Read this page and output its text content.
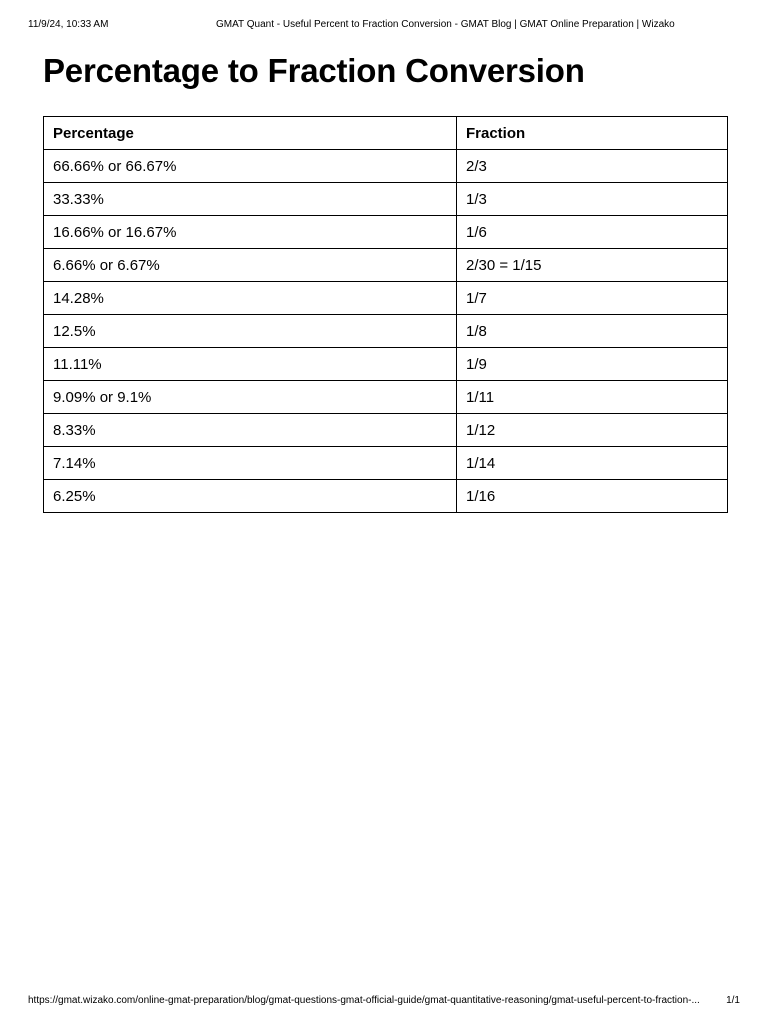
11/9/24, 10:33 AM	GMAT Quant - Useful Percent to Fraction Conversion - GMAT Blog | GMAT Online Preparation | Wizako
Percentage to Fraction Conversion
Percentage	Fraction
66.66% or 66.67%	2/3
33.33%	1/3
16.66% or 16.67%	1/6
6.66% or 6.67%	2/30 = 1/15
14.28%	1/7
12.5%	1/8
11.11%	1/9
9.09% or 9.1%	1/11
8.33%	1/12
7.14%	1/14
6.25%	1/16
https://gmat.wizako.com/online-gmat-preparation/blog/gmat-questions-gmat-official-guide/gmat-quantitative-reasoning/gmat-useful-percent-to-fraction-...	1/1
